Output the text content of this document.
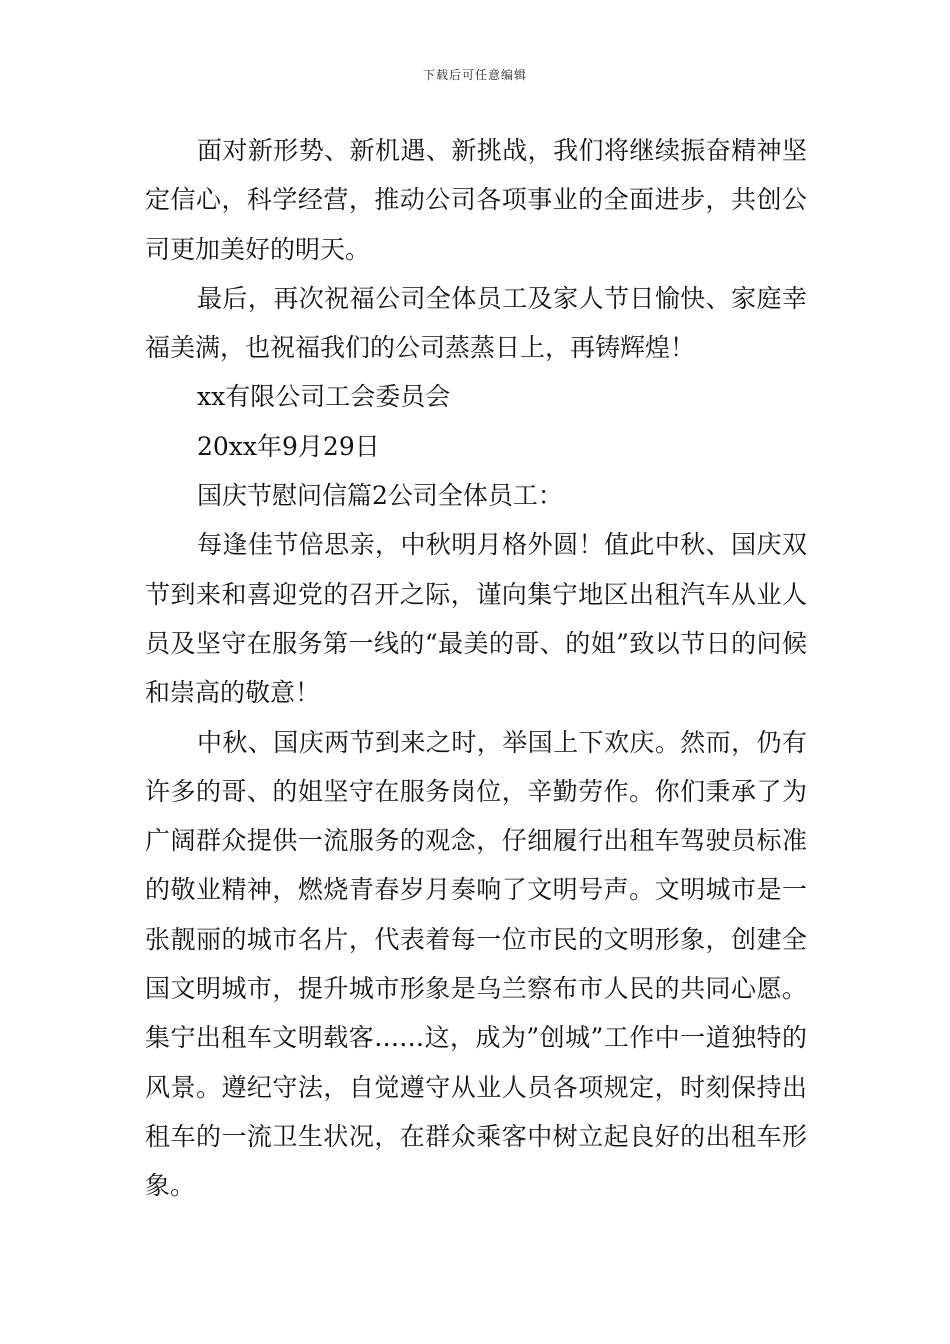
下载后可任意编辑

面对新形势、新机遇、新挑战，我们将继续振奋精神坚定信心，科学经营，推动公司各项事业的全面进步，共创公司更加美好的明天。

最后，再次祝福公司全体员工及家人节日愉快、家庭幸福美满，也祝福我们的公司蒸蒸日上，再铸辉煌！

xx有限公司工会委员会

20xx年9月29日

国庆节慰问信篇2公司全体员工：

每逢佳节倍思亲，中秋明月格外圆！值此中秋、国庆双节到来和喜迎党的召开之际，谨向集宁地区出租汽车从业人员及坚守在服务第一线的“最美的哥、的姐”致以节日的问候和崇高的敬意！

中秋、国庆两节到来之时，举国上下欢庆。然而，仍有许多的哥、的姐坚守在服务岗位，辛勤劳作。你们秉承了为广阔群众提供一流服务的观念，仔细履行出租车驾驶员标准的敬业精神，燃烧青春岁月奏响了文明号声。文明城市是一张靓丽的城市名片，代表着每一位市民的文明形象，创建全国文明城市，提升城市形象是乌兰察布市人民的共同心愿。集宁出租车文明载客……这，成为”创城”工作中一道独特的风景。遵纪守法，自觉遵守从业人员各项规定，时刻保持出租车的一流卫生状况，在群众乘客中树立起良好的出租车形象。
